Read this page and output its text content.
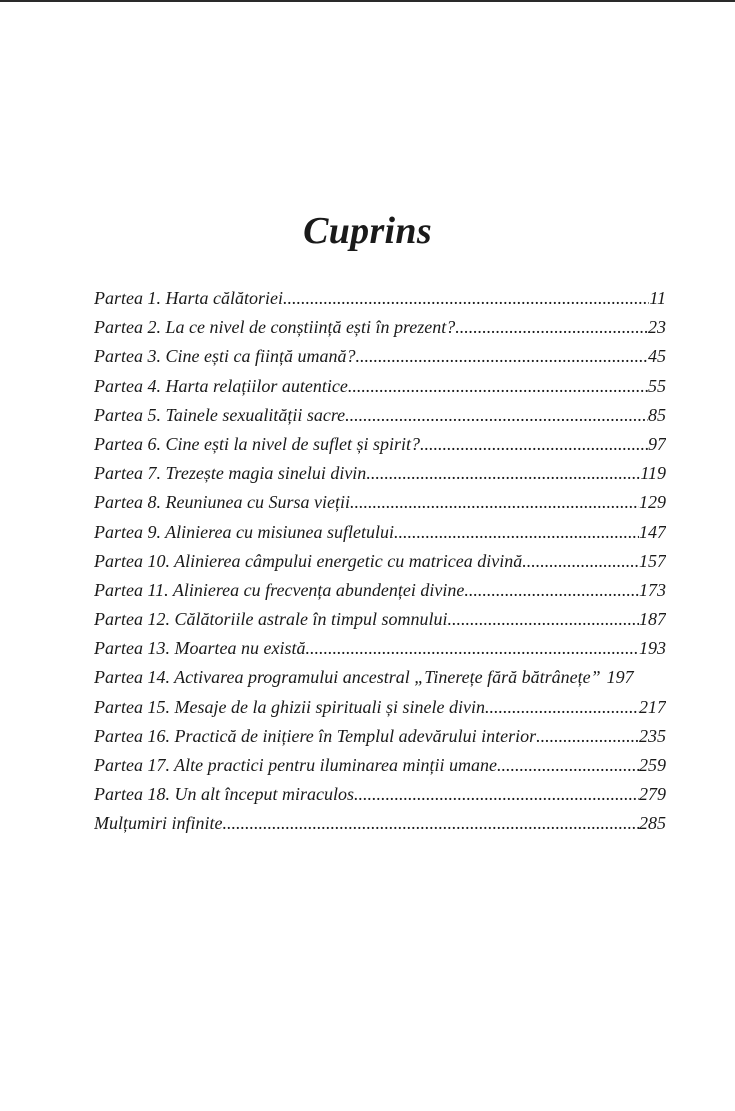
Cuprins
Partea 1. Harta călătoriei .....	11
Partea 2. La ce nivel de conștiință ești în prezent? .....	23
Partea 3. Cine ești ca ființă umană? .....	45
Partea 4. Harta relațiilor autentice .....	55
Partea 5. Tainele sexualității sacre .....	85
Partea 6. Cine ești la nivel de suflet și spirit? .....	97
Partea 7. Trezește magia sinelui divin .....	119
Partea 8. Reuniunea cu Sursa vieții .....	129
Partea 9. Alinierea cu misiunea sufletului .....	147
Partea 10. Alinierea câmpului energetic cu matricea divină .....	157
Partea 11. Alinierea cu frecvența abundenței divine .....	173
Partea 12. Călătoriile astrale în timpul somnului .....	187
Partea 13. Moartea nu există .....	193
Partea 14. Activarea programului ancestral „Tinerețe fără bătrânețe” 197
Partea 15. Mesaje de la ghizii spirituali și sinele divin .....	217
Partea 16. Practică de inițiere în Templul adevărului interior .....	235
Partea 17. Alte practici pentru iluminarea minții umane .....	259
Partea 18. Un alt început miraculos .....	279
Mulțumiri infinite .....	285
